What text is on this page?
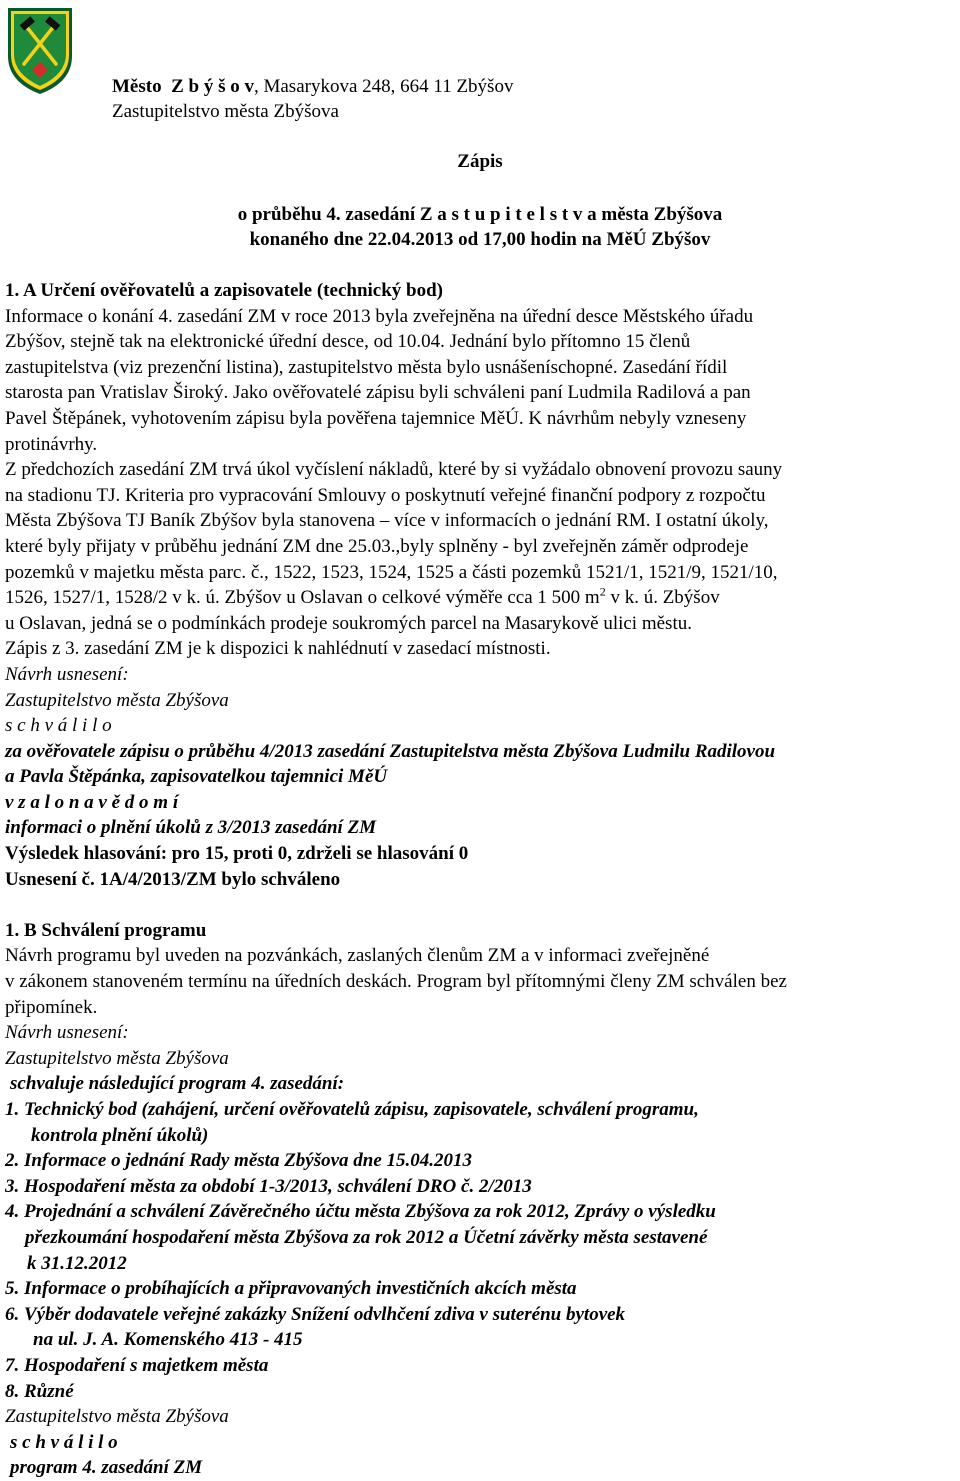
Město Z b ý š o v, Masarykova 248, 664 11 Zbýšov
Zastupitelstvo města Zbýšova
Zápis
o průběhu 4. zasedání Z a s t u p i t e l s t v a města Zbýšova
konaného dne 22.04.2013 od 17,00 hodin na MěÚ Zbýšov

1. A Určení ověřovatelů a zapisovatele (technický bod)

Informace o konání 4. zasedání ZM v roce 2013 byla zveřejněna na úřední desce Městského úřadu

Zbýšov, stejně tak na elektronické úřední desce, od 10.04. Jednání bylo přítomno 15 členů

zastupitelstva (viz prezenční listina), zastupitelstvo města bylo usnášeníschopné. Zasedání řídil

starosta pan Vratislav Široký. Jako ověřovatelé zápisu byli schváleni paní Ludmila Radilová a pan

Pavel Štěpánek, vyhotovením zápisu byla pověřena tajemnice MěÚ. K návrhům nebyly vzneseny

protinávrhy.

Z předchozích zasedání ZM trvá úkol vyčíslení nákladů, které by si vyžádalo obnovení provozu sauny

na stadionu TJ. Kriteria pro vypracování Smlouvy o poskytnutí veřejné finanční podpory z rozpočtu

Města Zbýšova TJ Baník Zbýšov byla stanovena – více v informacích o jednání RM. I ostatní úkoly,

které byly přijaty v průběhu jednání ZM dne 25.03.,byly splněny - byl zveřejněn záměr odprodeje

pozemků v majetku města parc. č., 1522, 1523, 1524, 1525 a části pozemků 1521/1, 1521/9, 1521/10,

1526, 1527/1, 1528/2 v k. ú. Zbýšov u Oslavan o celkové výměře cca 1 500 $m^2$ v k. ú. Zbýšov

u Oslavan, jedná se o podmínkách prodeje soukromých parcel na Masarykově ulici městu.

Zápis z 3. zasedání ZM je k dispozici k nahlédnutí v zasedací místnosti.

Návrh usnesení:

Zastupitelstvo města Zbýšova

s c h v á l i l o

za ověřovatele zápisu o průběhu 4/2013 zasedání Zastupitelstva města Zbýšova Ludmilu Radilovou

a Pavla Štěpánka, zapisovatelkou tajemnici MěÚ

v z a l o n a v ě d o m í

informaci o plnění úkolů z 3/2013 zasedání ZM

Výsledek hlasování: pro 15, proti 0, zdrželi se hlasování 0

Usnesení č. 1A/4/2013/ZM bylo schváleno

1. B Schválení programu

Návrh programu byl uveden na pozvánkách, zaslaných členům ZM a v informaci zveřejněné

v zákonem stanoveném termínu na úředních deskách. Program byl přítomnými členy ZM schválen bez

připomínek.

Návrh usnesení:

Zastupitelstvo města Zbýšova

schvaluje následující program 4. zasedání:

1. Technický bod (zahájení, určení ověřovatelů zápisu, zapisovatele, schválení programu,

kontrola plnění úkolů)

2. Informace o jednání Rady města Zbýšova dne 15.04.2013

3. Hospodaření města za období 1-3/2013, schválení DRO č. 2/2013

4. Projednání a schválení Závěrečného účtu města Zbýšova za rok 2012, Zprávy o výsledku

přezkoumání hospodaření města Zbýšova za rok 2012 a Účetní závěrky města sestavené

k 31.12.2012

5. Informace o probíhajících a připravovaných investičních akcích města

6. Výběr dodavatele veřejné zakázky Snížení odvlhčení zdiva v suterénu bytovek

na ul. J. A. Komenského 413 - 415

7. Hospodaření s majetkem města

8. Různé

Zastupitelstvo města Zbýšova

s c h v á l i l o

program 4. zasedání ZM
